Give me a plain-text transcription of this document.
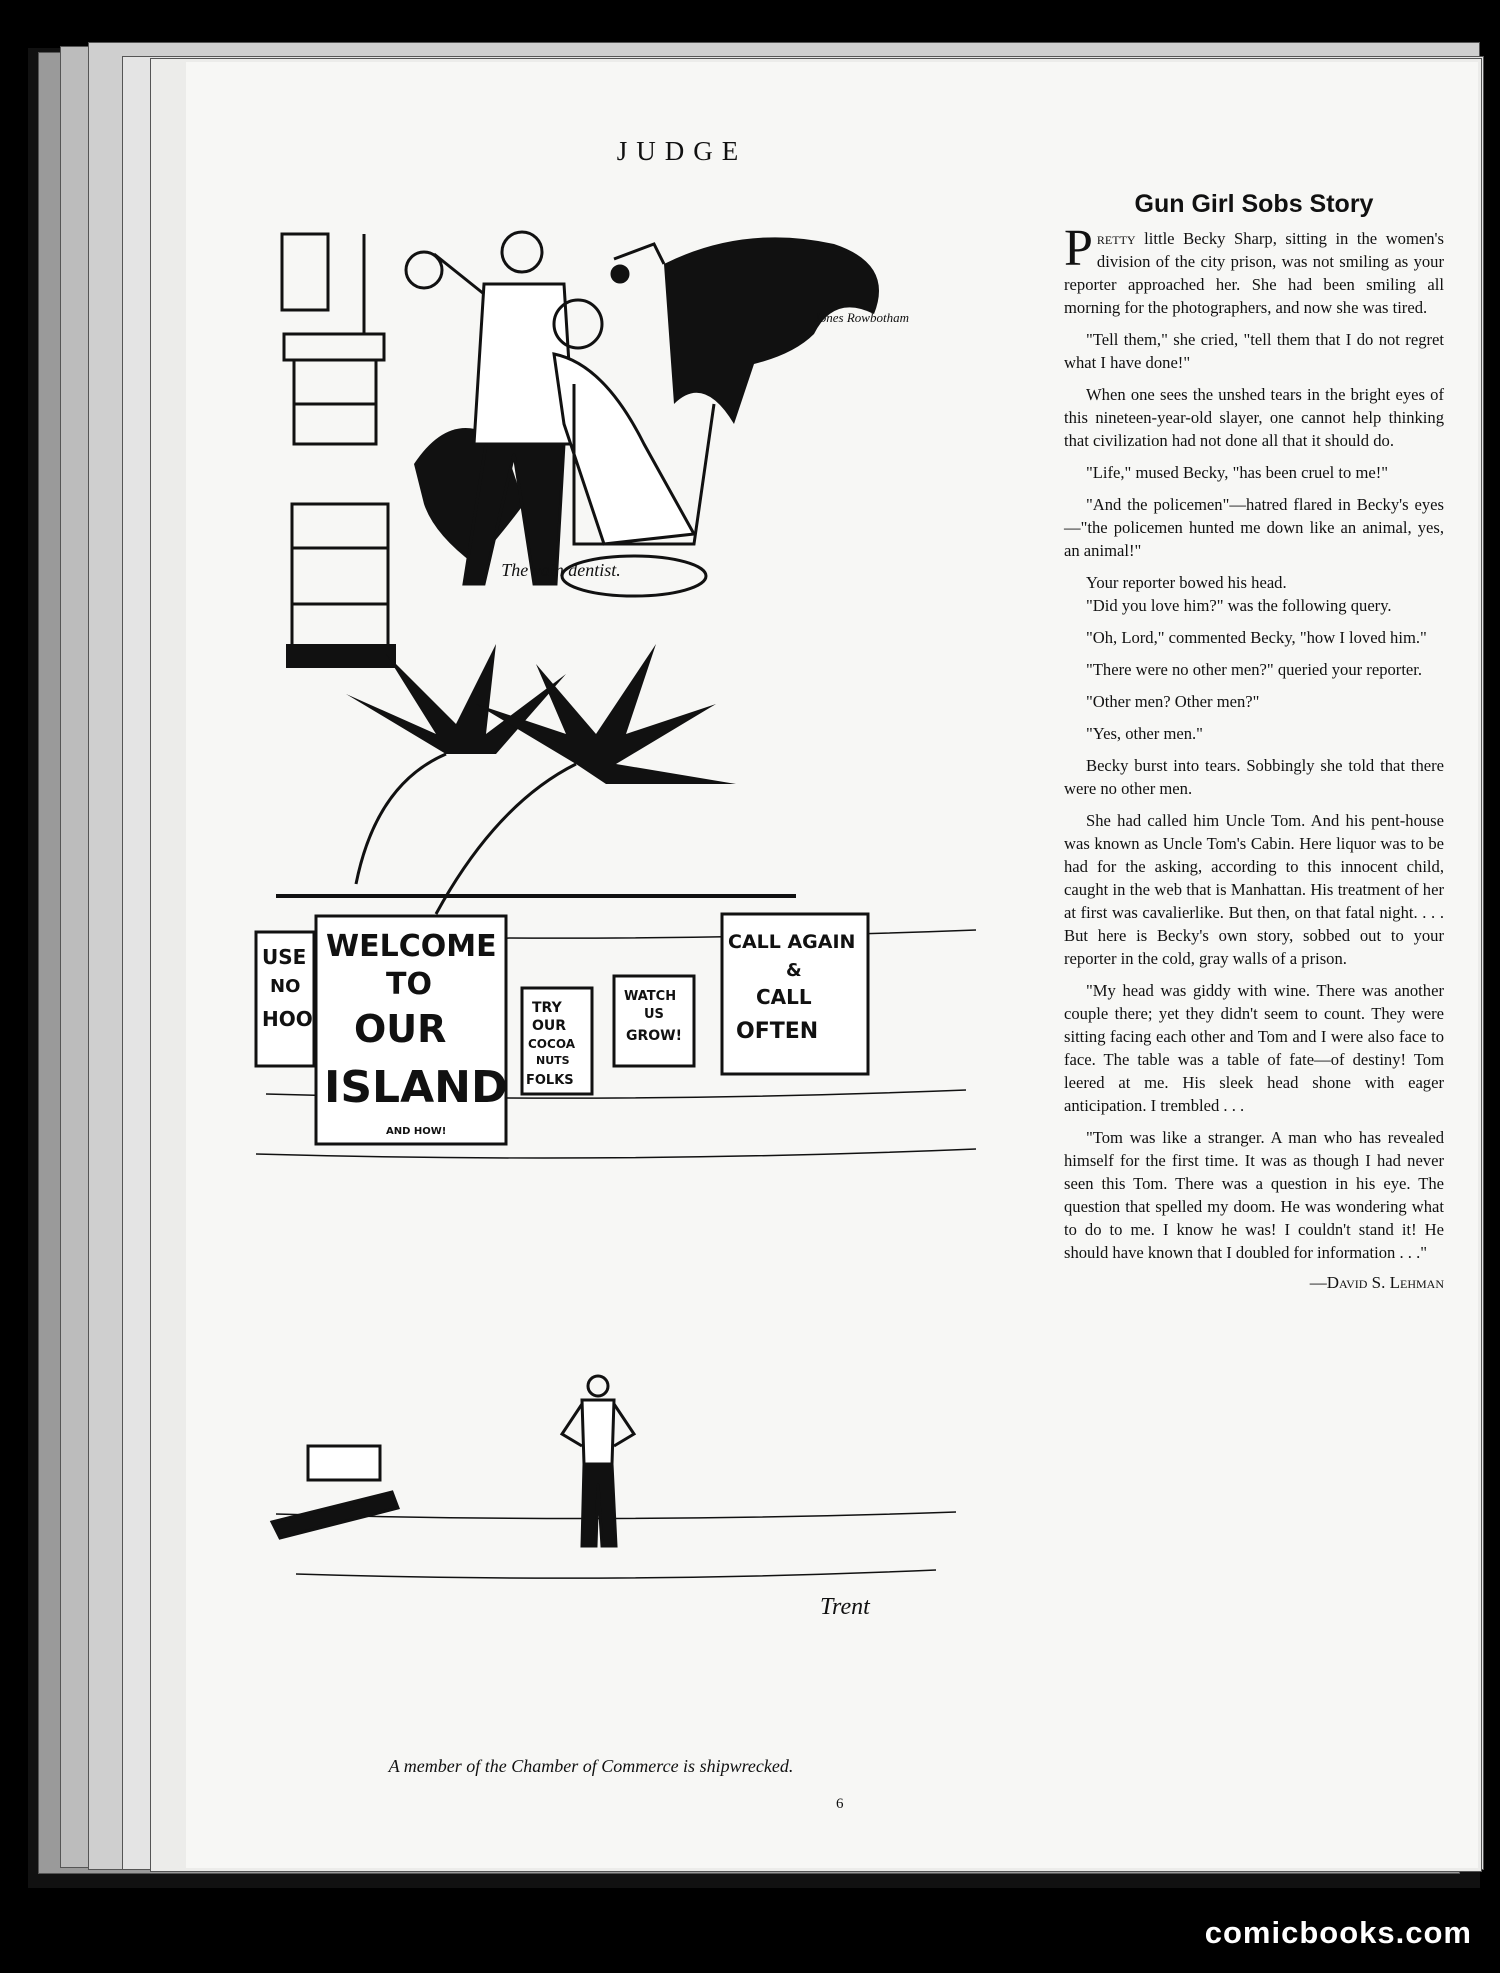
JUDGE
Jones Rowbotham
The vain dentist.
USE
NO
HOO
WELCOME
TO
OUR
ISLAND
AND HOW!
TRY
OUR
COCOA
NUTS
FOLKS
WATCH
US
GROW!
CALL AGAIN
&
CALL
OFTEN
Trent
A member of the Chamber of Commerce is shipwrecked.
Gun Girl Sobs Story

Pretty little Becky Sharp, sitting in the women's division of the city prison, was not smiling as your reporter approached her. She had been smiling all morning for the photographers, and now she was tired.

"Tell them," she cried, "tell them that I do not regret what I have done!"

When one sees the unshed tears in the bright eyes of this nineteen-year-old slayer, one cannot help thinking that civilization had not done all that it should do.

"Life," mused Becky, "has been cruel to me!"

"And the policemen"—hatred flared in Becky's eyes—"the policemen hunted me down like an animal, yes, an animal!"

Your reporter bowed his head.

"Did you love him?" was the following query.

"Oh, Lord," commented Becky, "how I loved him."

"There were no other men?" queried your reporter.

"Other men? Other men?"

"Yes, other men."

Becky burst into tears. Sobbingly she told that there were no other men.

She had called him Uncle Tom. And his pent-house was known as Uncle Tom's Cabin. Here liquor was to be had for the asking, according to this innocent child, caught in the web that is Manhattan. His treatment of her at first was cavalierlike. But then, on that fatal night. . . . But here is Becky's own story, sobbed out to your reporter in the cold, gray walls of a prison.

"My head was giddy with wine. There was another couple there; yet they didn't seem to count. They were sitting facing each other and Tom and I were also face to face. The table was a table of fate—of destiny! Tom leered at me. His sleek head shone with eager anticipation. I trembled . . .

"Tom was like a stranger. A man who has revealed himself for the first time. It was as though I had never seen this Tom. There was a question in his eye. The question that spelled my doom. He was wondering what to do to me. I know he was! I couldn't stand it! He should have known that I doubled for information . . ."

—David S. Lehman
6
comicbooks.com
